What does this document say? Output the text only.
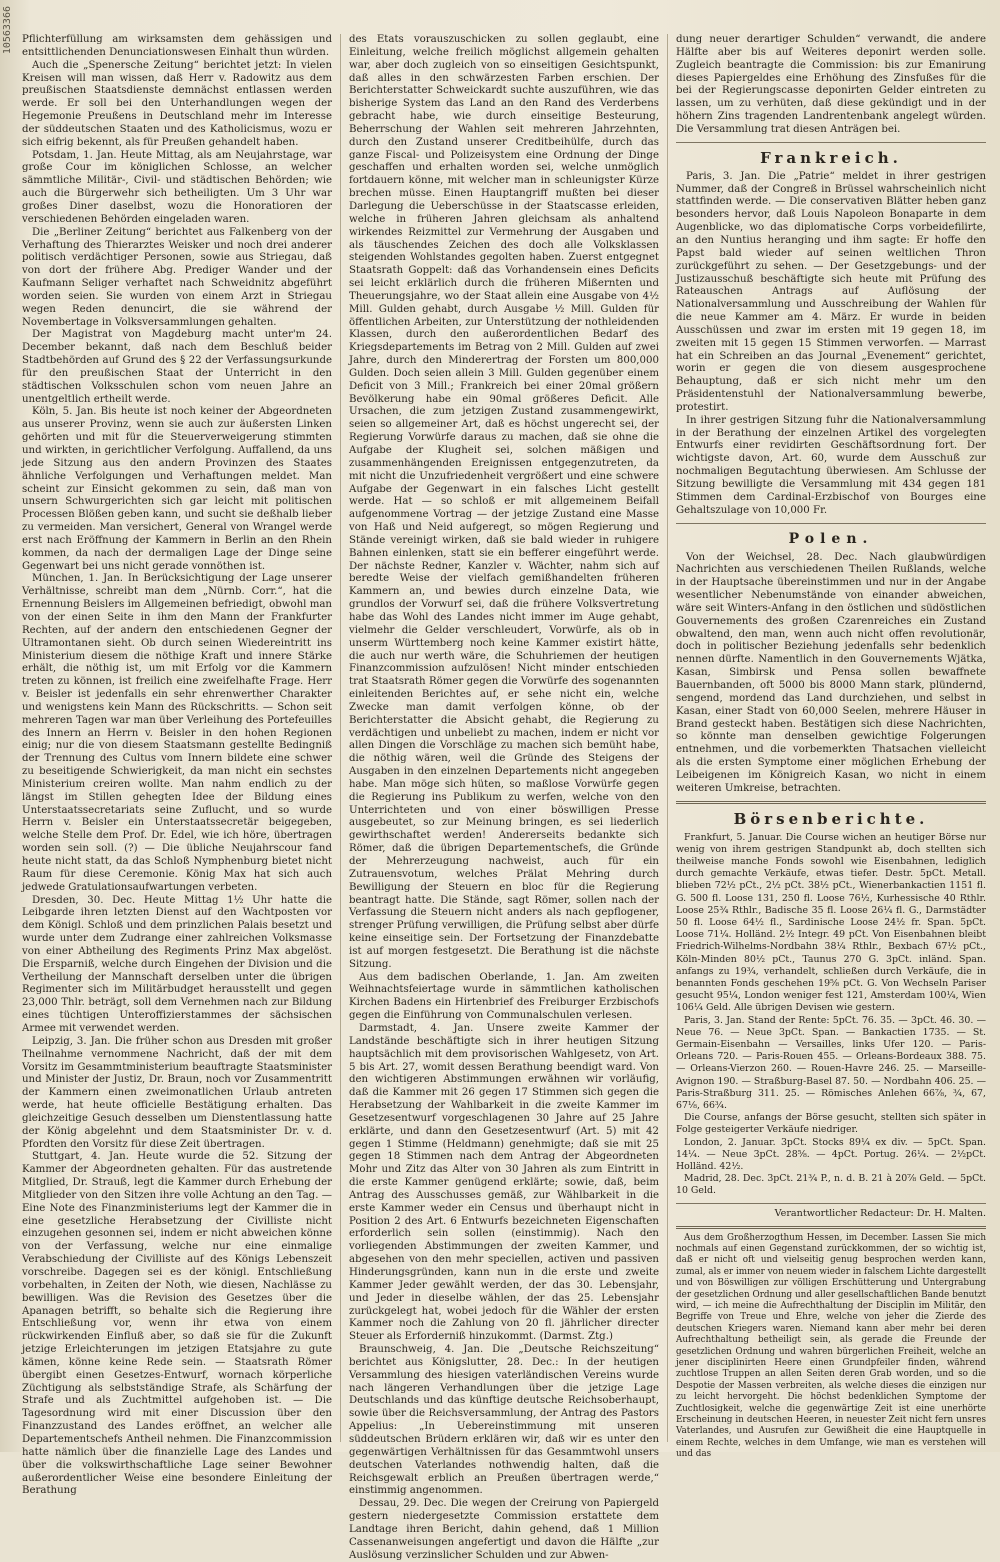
10563366 Pflichterfüllung am wirksamsten dem gehässigen und entsittlichenden Denunciationswesen Einhalt thun würden.

Auch die „Spenersche Zeitung“ berichtet jetzt: In vielen Kreisen will man wissen, daß Herr v. Radowitz aus dem preußischen Staatsdienste demnächst entlassen werden werde. Er soll bei den Unterhandlungen wegen der Hegemonie Preußens in Deutschland mehr im Interesse der süddeutschen Staaten und des Katholicismus, wozu er sich eifrig bekennt, als für Preußen gehandelt haben.

Potsdam, 1. Jan. Heute Mittag, als am Neujahrstage, war große Cour im königlichen Schlosse, an welcher sämmtliche Militär-, Civil- und städtischen Behörden; wie auch die Bürgerwehr sich betheiligten. Um 3 Uhr war großes Diner daselbst, wozu die Honoratioren der verschiedenen Behörden eingeladen waren.

Die „Berliner Zeitung“ berichtet aus Falkenberg von der Verhaftung des Thierarztes Weisker und noch drei anderer politisch verdächtiger Personen, sowie aus Striegau, daß von dort der frühere Abg. Prediger Wander und der Kaufmann Seliger verhaftet nach Schweidnitz abgeführt worden seien. Sie wurden von einem Arzt in Striegau wegen Reden denuncirt, die sie während der Novembertage in Volksversammlungen gehalten.

Der Magistrat von Magdeburg macht unter'm 24. December bekannt, daß nach dem Beschluß beider Stadtbehörden auf Grund des § 22 der Verfassungsurkunde für den preußischen Staat der Unterricht in den städtischen Volksschulen schon vom neuen Jahre an unentgeltlich ertheilt werde.

Köln, 5. Jan. Bis heute ist noch keiner der Abgeordneten aus unserer Provinz, wenn sie auch zur äußersten Linken gehörten und mit für die Steuerverweigerung stimmten und wirkten, in gerichtlicher Verfolgung. Auffallend, da uns jede Sitzung aus den andern Provinzen des Staates ähnliche Verfolgungen und Verhaftungen meldet. Man scheint zur Einsicht gekommen zu sein, daß man von unsern Schwurgerichten sich gar leicht mit politischen Processen Blößen geben kann, und sucht sie deßhalb lieber zu vermeiden. Man versichert, General von Wrangel werde erst nach Eröffnung der Kammern in Berlin an den Rhein kommen, da nach der dermaligen Lage der Dinge seine Gegenwart bei uns nicht gerade vonnöthen ist.

München, 1. Jan. In Berücksichtigung der Lage unserer Verhältnisse, schreibt man dem „Nürnb. Corr.“, hat die Ernennung Beislers im Allgemeinen befriedigt, obwohl man von der einen Seite in ihm den Mann der Frankfurter Rechten, auf der andern den entschiedenen Gegner der Ultramontanen sieht. Ob durch seinen Wiedereintritt ins Ministerium diesem die nöthige Kraft und innere Stärke erhält, die nöthig ist, um mit Erfolg vor die Kammern treten zu können, ist freilich eine zweifelhafte Frage. Herr v. Beisler ist jedenfalls ein sehr ehrenwerther Charakter und wenigstens kein Mann des Rückschritts. — Schon seit mehreren Tagen war man über Verleihung des Portefeuilles des Innern an Herrn v. Beisler in den hohen Regionen einig; nur die von diesem Staatsmann gestellte Bedingniß der Trennung des Cultus vom Innern bildete eine schwer zu beseitigende Schwierigkeit, da man nicht ein sechstes Ministerium creiren wollte. Man nahm endlich zu der längst im Stillen gehegten Idee der Bildung eines Unterstaatssecretariats seine Zuflucht, und so wurde Herrn v. Beisler ein Unterstaatssecretär beigegeben, welche Stelle dem Prof. Dr. Edel, wie ich höre, übertragen worden sein soll. (?) — Die übliche Neujahrscour fand heute nicht statt, da das Schloß Nymphenburg bietet nicht Raum für diese Ceremonie. König Max hat sich auch jedwede Gratulationsaufwartungen verbeten.

Dresden, 30. Dec. Heute Mittag 1½ Uhr hatte die Leibgarde ihren letzten Dienst auf den Wachtposten vor dem Königl. Schloß und dem prinzlichen Palais besetzt und wurde unter dem Zudrange einer zahlreichen Volksmasse von einer Abtheilung des Regiments Prinz Max abgelöst. Die Ersparniß, welche durch Eingehen der Division und die Vertheilung der Mannschaft derselben unter die übrigen Regimenter sich im Militärbudget herausstellt und gegen 23,000 Thlr. beträgt, soll dem Vernehmen nach zur Bildung eines tüchtigen Unteroffizierstammes der sächsischen Armee mit verwendet werden.

Leipzig, 3. Jan. Die früher schon aus Dresden mit großer Theilnahme vernommene Nachricht, daß der mit dem Vorsitz im Gesammtministerium beauftragte Staatsminister und Minister der Justiz, Dr. Braun, noch vor Zusammentritt der Kammern einen zweimonatlichen Urlaub antreten werde, hat heute officielle Bestätigung erhalten. Das gleichzeitige Gesuch desselben um Dienstentlassung hatte der König abgelehnt und dem Staatsminister Dr. v. d. Pfordten den Vorsitz für diese Zeit übertragen.

Stuttgart, 4. Jan. Heute wurde die 52. Sitzung der Kammer der Abgeordneten gehalten. Für das austretende Mitglied, Dr. Strauß, legt die Kammer durch Erhebung der Mitglieder von den Sitzen ihre volle Achtung an den Tag. — Eine Note des Finanzministeriums legt der Kammer die in eine gesetzliche Herabsetzung der Civilliste nicht einzugehen gesonnen sei, indem er nicht abweichen könne von der Verfassung, welche nur eine einmalige Verabschiedung der Civilliste auf des Königs Lebenszeit vorschreibe. Dagegen sei es der königl. Entschließung vorbehalten, in Zeiten der Noth, wie diesen, Nachlässe zu bewilligen. Was die Revision des Gesetzes über die Apanagen betrifft, so behalte sich die Regierung ihre Entschließung vor, wenn ihr etwa von einem rückwirkenden Einfluß aber, so daß sie für die Zukunft jetzige Erleichterungen im jetzigen Etatsjahre zu gute kämen, könne keine Rede sein. — Staatsrath Römer übergibt einen Gesetzes-Entwurf, wornach körperliche Züchtigung als selbstständige Strafe, als Schärfung der Strafe und als Zuchtmittel aufgehoben ist. — Die Tagesordnung wird mit einer Discussion über den Finanzzustand des Landes eröffnet, an welcher alle Departementschefs Antheil nehmen. Die Finanzcommission hatte nämlich über die finanzielle Lage des Landes und über die volkswirthschaftliche Lage seiner Bewohner außerordentlicher Weise eine besondere Einleitung der Berathung

des Etats vorauszuschicken zu sollen geglaubt, eine Einleitung, welche freilich möglichst allgemein gehalten war, aber doch zugleich von so einseitigen Gesichtspunkt, daß alles in den schwärzesten Farben erschien. Der Berichterstatter Schweickardt suchte auszuführen, wie das bisherige System das Land an den Rand des Verderbens gebracht habe, wie durch einseitige Besteurung, Beherrschung der Wahlen seit mehreren Jahrzehnten, durch den Zustand unserer Creditbeihülfe, durch das ganze Fiscal- und Polizeisystem eine Ordnung der Dinge geschaffen und erhalten worden sei, welche unmöglich fortdauern könne, mit welcher man in schleunigster Kürze brechen müsse. Einen Hauptangriff mußten bei dieser Darlegung die Ueberschüsse in der Staatscasse erleiden, welche in früheren Jahren gleichsam als anhaltend wirkendes Reizmittel zur Vermehrung der Ausgaben und als täuschendes Zeichen des doch alle Volksklassen steigenden Wohlstandes gegolten haben. Zuerst entgegnet Staatsrath Goppelt: daß das Vorhandensein eines Deficits sei leicht erklärlich durch die früheren Mißernten und Theuerungsjahre, wo der Staat allein eine Ausgabe von 4½ Mill. Gulden gehabt, durch Ausgabe ½ Mill. Gulden für öffentlichen Arbeiten, zur Unterstützung der nothleidenden Klassen, durch den außerordentlichen Bedarf des Kriegsdepartements im Betrag von 2 Mill. Gulden auf zwei Jahre, durch den Minderertrag der Forsten um 800,000 Gulden. Doch seien allein 3 Mill. Gulden gegenüber einem Deficit von 3 Mill.; Frankreich bei einer 20mal größern Bevölkerung habe ein 90mal größeres Deficit. Alle Ursachen, die zum jetzigen Zustand zusammengewirkt, seien so allgemeiner Art, daß es höchst ungerecht sei, der Regierung Vorwürfe daraus zu machen, daß sie ohne die Aufgabe der Klugheit sei, solchen mäßigen und zusammenhängenden Ereignissen entgegenzutreten, da mit nicht die Unzufriedenheit vergrößert und eine schwere Aufgabe der Gegenwart in ein falsches Licht gestellt werde. Hat — so schloß er mit allgemeinem Beifall aufgenommene Vortrag — der jetzige Zustand eine Masse von Haß und Neid aufgeregt, so mögen Regierung und Stände vereinigt wirken, daß sie bald wieder in ruhigere Bahnen einlenken, statt sie ein befferer eingeführt werde. Der nächste Redner, Kanzler v. Wächter, nahm sich auf beredte Weise der vielfach gemißhandelten früheren Kammern an, und bewies durch einzelne Data, wie grundlos der Vorwurf sei, daß die frühere Volksvertretung habe das Wohl des Landes nicht immer im Auge gehabt, vielmehr die Gelder verschleudert, Vorwürfe, als ob in unserm Württemberg noch keine Kammer existirt hätte, die auch nur werth wäre, die Schuhriemen der heutigen Finanzcommission aufzulösen! Nicht minder entschieden trat Staatsrath Römer gegen die Vorwürfe des sogenannten einleitenden Berichtes auf, er sehe nicht ein, welche Zwecke man damit verfolgen könne, ob der Berichterstatter die Absicht gehabt, die Regierung zu verdächtigen und unbeliebt zu machen, indem er nicht vor allen Dingen die Vorschläge zu machen sich bemüht habe, die nöthig wären, weil die Gründe des Steigens der Ausgaben in den einzelnen Departements nicht angegeben habe. Man möge sich hüten, so maßlose Vorwürfe gegen die Regierung ins Publikum zu werfen, welche von den Unterrichteten und von einer böswilligen Presse ausgebeutet, so zur Meinung bringen, es sei liederlich gewirthschaftet werden! Andererseits bedankte sich Römer, daß die übrigen Departementschefs, die Gründe der Mehrerzeugung nachweist, auch für ein Zutrauensvotum, welches Prälat Mehring durch Bewilligung der Steuern en bloc für die Regierung beantragt hatte. Die Stände, sagt Römer, sollen nach der Verfassung die Steuern nicht anders als nach gepflogener, strenger Prüfung verwilligen, die Prüfung selbst aber dürfe keine einseitige sein. Der Fortsetzung der Finanzdebatte ist auf morgen festgesetzt. Die Berathung ist die nächste Sitzung.

Aus dem badischen Oberlande, 1. Jan. Am zweiten Weihnachtsfeiertage wurde in sämmtlichen katholischen Kirchen Badens ein Hirtenbrief des Freiburger Erzbischofs gegen die Einführung von Communalschulen verlesen.

Darmstadt, 4. Jan. Unsere zweite Kammer der Landstände beschäftigte sich in ihrer heutigen Sitzung hauptsächlich mit dem provisorischen Wahlgesetz, von Art. 5 bis Art. 27, womit dessen Berathung beendigt ward. Von den wichtigeren Abstimmungen erwähnen wir vorläufig, daß die Kammer mit 26 gegen 17 Stimmen sich gegen die Herabsetzung der Wahlbarkeit in die zweite Kammer im Gesetzesentwurf vorgeschlagenen 30 Jahre auf 25 Jahre erklärte, und dann den Gesetzesentwurf (Art. 5) mit 42 gegen 1 Stimme (Heldmann) genehmigte; daß sie mit 25 gegen 18 Stimmen nach dem Antrag der Abgeordneten Mohr und Zitz das Alter von 30 Jahren als zum Eintritt in die erste Kammer genügend erklärte; sowie, daß, beim Antrag des Ausschusses gemäß, zur Wählbarkeit in die erste Kammer weder ein Census und überhaupt nicht in Position 2 des Art. 6 Entwurfs bezeichneten Eigenschaften erforderlich sein sollen (einstimmig). Nach den vorliegenden Abstimmungen der zweiten Kammer, und abgesehen von den mehr speciellen, activen und passiven Hinderungsgründen, kann nun in die erste und zweite Kammer Jeder gewählt werden, der das 30. Lebensjahr, und Jeder in dieselbe wählen, der das 25. Lebensjahr zurückgelegt hat, wobei jedoch für die Wähler der ersten Kammer noch die Zahlung von 20 fl. jährlicher directer Steuer als Erforderniß hinzukommt. (Darmst. Ztg.)

Braunschweig, 4. Jan. Die „Deutsche Reichszeitung“ berichtet aus Königslutter, 28. Dec.: In der heutigen Versammlung des hiesigen vaterländischen Vereins wurde nach längeren Verhandlungen über die jetzige Lage Deutschlands und das künftige deutsche Reichsoberhaupt, sowie über die Reichsversammlung, der Antrag des Pastors Appelius: „In Uebereinstimmung mit unseren süddeutschen Brüdern erklären wir, daß wir es unter den gegenwärtigen Verhältnissen für das Gesammtwohl unsers deutschen Vaterlandes nothwendig halten, daß die Reichsgewalt erblich an Preußen übertragen werde,“ einstimmig angenommen.

Dessau, 29. Dec. Die wegen der Creirung von Papiergeld gestern niedergesetzte Commission erstattete dem Landtage ihren Bericht, dahin gehend, daß 1 Million Cassenanweisungen angefertigt und davon die Hälfte „zur Auslösung verzinslicher Schulden und zur Abwen-

dung neuer derartiger Schulden“ verwandt, die andere Hälfte aber bis auf Weiteres deponirt werden solle. Zugleich beantragte die Commission: bis zur Emanirung dieses Papiergeldes eine Erhöhung des Zinsfußes für die bei der Regierungscasse deponirten Gelder eintreten zu lassen, um zu verhüten, daß diese gekündigt und in der höhern Zins tragenden Landrentenbank angelegt würden. Die Versammlung trat diesen Anträgen bei.

Frankreich.

Paris, 3. Jan. Die „Patrie“ meldet in ihrer gestrigen Nummer, daß der Congreß in Brüssel wahrscheinlich nicht stattfinden werde. — Die conservativen Blätter heben ganz besonders hervor, daß Louis Napoleon Bonaparte in dem Augenblicke, wo das diplomatische Corps vorbeidefilirte, an den Nuntius heranging und ihm sagte: Er hoffe den Papst bald wieder auf seinen weltlichen Thron zurückgeführt zu sehen. — Der Gesetzgebungs- und der Justizausschuß beschäftigte sich heute mit Prüfung des Rateauschen Antrags auf Auflösung der Nationalversammlung und Ausschreibung der Wahlen für die neue Kammer am 4. März. Er wurde in beiden Ausschüssen und zwar im ersten mit 19 gegen 18, im zweiten mit 15 gegen 15 Stimmen verworfen. — Marrast hat ein Schreiben an das Journal „Evenement“ gerichtet, worin er gegen die von diesem ausgesprochene Behauptung, daß er sich nicht mehr um den Präsidentenstuhl der Nationalversammlung bewerbe, protestirt.

In ihrer gestrigen Sitzung fuhr die Nationalversammlung in der Berathung der einzelnen Artikel des vorgelegten Entwurfs einer revidirten Geschäftsordnung fort. Der wichtigste davon, Art. 60, wurde dem Ausschuß zur nochmaligen Begutachtung überwiesen. Am Schlusse der Sitzung bewilligte die Versammlung mit 434 gegen 181 Stimmen dem Cardinal-Erzbischof von Bourges eine Gehaltszulage von 10,000 Fr.

Polen.

Von der Weichsel, 28. Dec. Nach glaubwürdigen Nachrichten aus verschiedenen Theilen Rußlands, welche in der Hauptsache übereinstimmen und nur in der Angabe wesentlicher Nebenumstände von einander abweichen, wäre seit Winters-Anfang in den östlichen und südöstlichen Gouvernements des großen Czarenreiches ein Zustand obwaltend, den man, wenn auch nicht offen revolutionär, doch in politischer Beziehung jedenfalls sehr bedenklich nennen dürfte. Namentlich in den Gouvernements Wjätka, Kasan, Simbirsk und Pensa sollen bewaffnete Bauernbanden, oft 5000 bis 8000 Mann stark, plündernd, sengend, mordend das Land durchziehen, und selbst in Kasan, einer Stadt von 60,000 Seelen, mehrere Häuser in Brand gesteckt haben. Bestätigen sich diese Nachrichten, so könnte man denselben gewichtige Folgerungen entnehmen, und die vorbemerkten Thatsachen vielleicht als die ersten Symptome einer möglichen Erhebung der Leibeigenen im Königreich Kasan, wo nicht in einem weiteren Umkreise, betrachten.

Börsenberichte.

Frankfurt, 5. Januar. Die Course wichen an heutiger Börse nur wenig von ihrem gestrigen Standpunkt ab, doch stellten sich theilweise manche Fonds sowohl wie Eisenbahnen, lediglich durch gemachte Verkäufe, etwas tiefer. Destr. 5pCt. Metall. blieben 72½ pCt., 2½ pCt. 38½ pCt., Wienerbankactien 1151 fl. G. 500 fl. Loose 131, 250 fl. Loose 76½, Kurhessische 40 Rthlr. Loose 25¾ Rthlr., Badische 35 fl. Loose 26¼ fl. G., Darmstädter 50 fl. Loose 64½ fl., Sardinische Loose 24½ fr. Span. 5pCt. Loose 71¼. Holländ. 2½ Integr. 49 pCt. Von Eisenbahnen bleibt Friedrich-Wilhelms-Nordbahn 38¼ Rthlr., Bexbach 67½ pCt., Köln-Minden 80½ pCt., Taunus 270 G. 3pCt. inländ. Span. anfangs zu 19¾, verhandelt, schließen durch Verkäufe, die in benannten Fonds geschehen 19⅝ pCt. G. Von Wechseln Pariser gesucht 95¼, London weniger fest 121, Amsterdam 100¼, Wien 106¼ Geld. Alle übrigen Devisen wie gestern.

Paris, 3. Jan. Stand der Rente: 5pCt. 76. 35. — 3pCt. 46. 30. — Neue 76. — Neue 3pCt. Span. — Bankactien 1735. — St. Germain-Eisenbahn — Versailles, links Ufer 120. — Paris-Orleans 720. — Paris-Rouen 455. — Orleans-Bordeaux 388. 75. — Orleans-Vierzon 260. — Rouen-Havre 246. 25. — Marseille-Avignon 190. — Straßburg-Basel 87. 50. — Nordbahn 406. 25. — Paris-Straßburg 311. 25. — Römisches Anlehen 66⅞, ¾, 67, 67⅛, 66¾.

Die Course, anfangs der Börse gesucht, stellten sich später in Folge gesteigerter Verkäufe niedriger.

London, 2. Januar. 3pCt. Stocks 89¼ ex div. — 5pCt. Span. 14¼. — Neue 3pCt. 28⅝. — 4pCt. Portug. 26¼. — 2½pCt. Holländ. 42½.

Madrid, 28. Dec. 3pCt. 21¾ P., n. d. B. 21 à 20⅞ Geld. — 5pCt. 10 Geld.

Verantwortlicher Redacteur: Dr. H. Malten.

Aus dem Großherzogthum Hessen, im December. Lassen Sie mich nochmals auf einen Gegenstand zurückkommen, der so wichtig ist, daß er nicht oft und vielseitig genug besprochen werden kann, zumal, als er immer von neuem wieder in falschem Lichte dargestellt und von Böswilligen zur völligen Erschütterung und Untergrabung der gesetzlichen Ordnung und aller gesellschaftlichen Bande benutzt wird, — ich meine die Aufrechthaltung der Disciplin im Militär, den Begriffe von Treue und Ehre, welche von jeher die Zierde des deutschen Kriegers waren. Niemand kann aber mehr bei deren Aufrechthaltung betheiligt sein, als gerade die Freunde der gesetzlichen Ordnung und wahren bürgerlichen Freiheit, welche an jener disciplinirten Heere einen Grundpfeiler finden, während zuchtlose Truppen an allen Seiten deren Grab worden, und so die Despotie der Massen verbreiten, als welche dieses die einzigen nur zu leicht hervorgeht. Die höchst bedenklichen Symptome der Zuchtlosigkeit, welche die gegenwärtige Zeit ist eine unerhörte Erscheinung in deutschen Heeren, in neuester Zeit nicht fern unsres Vaterlandes, und Ausrufen zur Gewißheit die eine Hauptquelle in einem Rechte, welches in dem Umfange, wie man es verstehen will und das
